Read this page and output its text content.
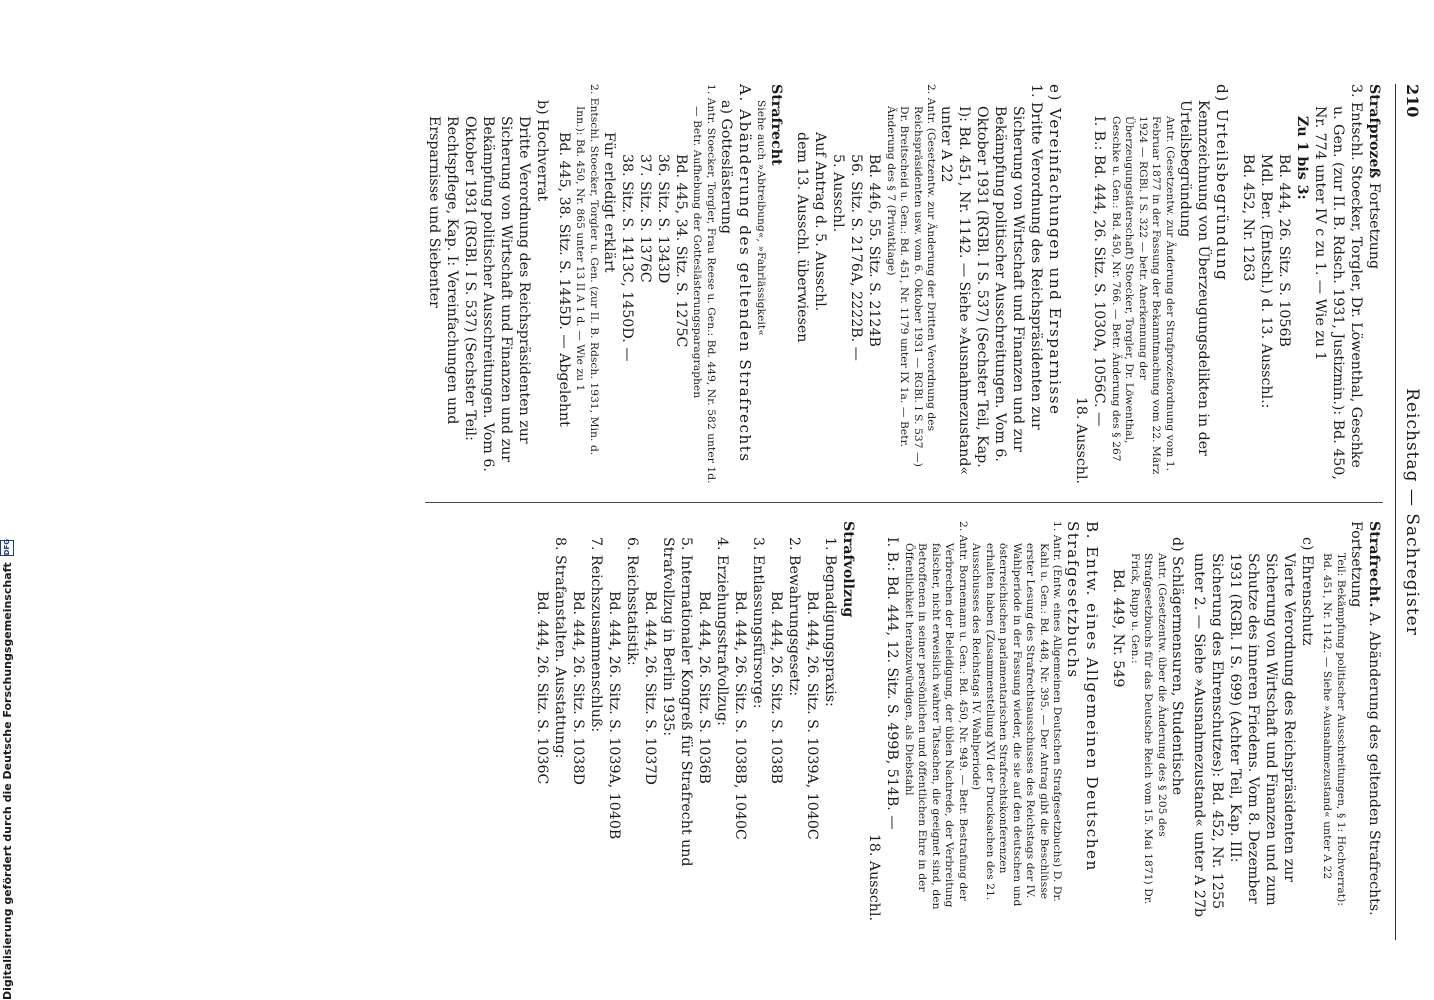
210
Reichstag — Sachregister

Strafprozeß Fortsetzung

3. Entschl. Stoecker, Torgler, Dr. Löwenthal, Geschke u. Gen. (zur II. B. Rdsch. 1931, Justizmin.): Bd. 450, Nr. 774 unter IV c zu 1. — Wie zu 1

Zu 1 bis 3:

Bd. 444, 26. Sitz. S. 1056B

Mdl. Ber. (Entschl.) d. 13. Ausschl.:

Bd. 452, Nr. 1263

d) Urteilsbegründung

Kennzeichnung von Überzeugungsdelikten in der Urteilsbegründung

Antr. (Gesetzentw. zur Änderung der Strafprozeßordnung vom 1. Februar 1877 in der Fassung der Bekanntmachung vom 22. März 1924 — RGBl. I S. 322 — betr. Anerkennung der Überzeugungstäterschaft) Stoecker, Torgler, Dr. Löwenthal, Geschke u. Gen.: Bd. 450, Nr. 766. — Betr. Änderung des § 267

I. B.: Bd. 444, 26. Sitz. S. 1030A, 1056C. —

18. Ausschl.

e) Vereinfachungen und Ersparnisse

1. Dritte Verordnung des Reichspräsidenten zur Sicherung von Wirtschaft und Finanzen und zur Bekämpfung politischer Ausschreitungen. Vom 6. Oktober 1931 (RGBl. I S. 537) (Sechster Teil, Kap. I): Bd. 451, Nr. 1142. — Siehe »Ausnahmezustand« unter A 22

2. Antr. (Gesetzentw. zur Änderung der Dritten Verordnung des Reichspräsidenten usw. vom 6. Oktober 1931 — RGBl. I S. 537 —) Dr. Breitscheid u. Gen.: Bd. 451, Nr. 1179 unter IX 1a. — Betr. Änderung des § 7 (Privatklage)

Bd. 446, 55. Sitz. S. 2124B

56. Sitz. S. 2176A, 2222B. —

5. Ausschl.

Auf Antrag d. 5. Ausschl.

dem 13. Ausschl. überwiesen

Strafrecht

Siehe auch »Abtreibung«, »Fahrlässigkeit«

A. Abänderung des geltenden Strafrechts

a) Gotteslästerung

1. Antr. Stoecker, Torgler, Frau Reese u. Gen.: Bd. 449, Nr. 582 unter 1d. — Betr. Aufhebung der Gotteslästerungsparagraphen

Bd. 445, 34. Sitz. S. 1275C

36. Sitz. S. 1343D

37. Sitz. S. 1376C

38. Sitz. S. 1413C, 1450D. —

Für erledigt erklärt

2. Entschl. Stoecker, Torgler u. Gen. (zur II. B. Rdsch. 1931, Min. d. Inn.): Bd. 450, Nr. 865 unter 13 II A 1 d. — Wie zu 1

Bd. 445, 38. Sitz. S. 1445D. — Abgelehnt

b) Hochverrat

Dritte Verordnung des Reichspräsidenten zur Sicherung von Wirtschaft und Finanzen und zur Bekämpfung politischer Ausschreitungen. Vom 6. Oktober 1931 (RGBl. I S. 537) (Sechster Teil: Rechtspflege, Kap. I: Vereinfachungen und Ersparnisse und Siebenter

Strafrecht. A. Abänderung des geltenden Strafrechts.

Fortsetzung

Teil: Bekämpfung politischer Ausschreitungen, § 1: Hochverrat): Bd. 451, Nr. 1142. — Siehe »Ausnahmezustand« unter A 22

c) Ehrenschutz

Vierte Verordnung des Reichspräsidenten zur Sicherung von Wirtschaft und Finanzen und zum Schutze des inneren Friedens. Vom 8. Dezember 1931 (RGBl. I S. 699) (Achter Teil, Kap. III: Sicherung des Ehrenschutzes): Bd. 452, Nr. 1255 unter 2. — Siehe »Ausnahmezustand« unter A 27b

d) Schlägermensuren, Studentische

Antr. (Gesetzentw. über die Änderung des § 205 des Strafgesetzbuchs für das Deutsche Reich vom 15. Mai 1871) Dr. Frick, Rupp u. Gen.:

Bd. 449, Nr. 549

B. Entw. eines Allgemeinen Deutschen Strafgesetzbuchs

1. Antr. (Entw. eines Allgemeinen Deutschen Strafgesetzbuchs) D. Dr. Kahl u. Gen.: Bd. 448, Nr. 395. — Der Antrag gibt die Beschlüsse erster Lesung des Strafrechtsausschusses des Reichstags der IV. Wahlperiode in der Fassung wieder, die sie auf den deutschen und österreichischen parlamentarischen Strafrechtskonferenzen erhalten haben (Zusammenstellung XVI der Drucksachen des 21. Ausschusses des Reichstags IV. Wahlperiode)

2. Antr. Bornemann u. Gen.: Bd. 450, Nr. 949. — Betr. Bestrafung der Verbrechen der Beleidigung, der üblen Nachrede, der Verbreitung falscher, nicht erweislich wahrer Tatsachen, die geeignet sind, den Betroffenen in seiner persönlichen und öffentlichen Ehre in der Öffentlichkeit herabzuwürdigen, als Diebstahl

I. B.: Bd. 444, 12. Sitz. S. 499B, 514B. —

18. Ausschl.

Strafvollzug

1. Begnadigungspraxis:

Bd. 444, 26. Sitz. S. 1039A, 1040C

2. Bewahrungsgesetz:

Bd. 444, 26. Sitz. S. 1038B

3. Entlassungsfürsorge:

Bd. 444, 26. Sitz. S. 1038B, 1040C

4. Erziehungsstrafvollzug:

Bd. 444, 26. Sitz. S. 1036B

5. Internationaler Kongreß für Strafrecht und Strafvollzug in Berlin 1935:

Bd. 444, 26. Sitz. S. 1037D

6. Reichsstatistik:

Bd. 444, 26. Sitz. S. 1039A, 1040B

7. Reichszusammenschluß:

Bd. 444, 26. Sitz. S. 1038D

8. Strafanstalten. Ausstattung:

Bd. 444, 26. Sitz. S. 1036C

Digitalisierung gefördert durch die Deutsche Forschungsgemeinschaft
DFG
